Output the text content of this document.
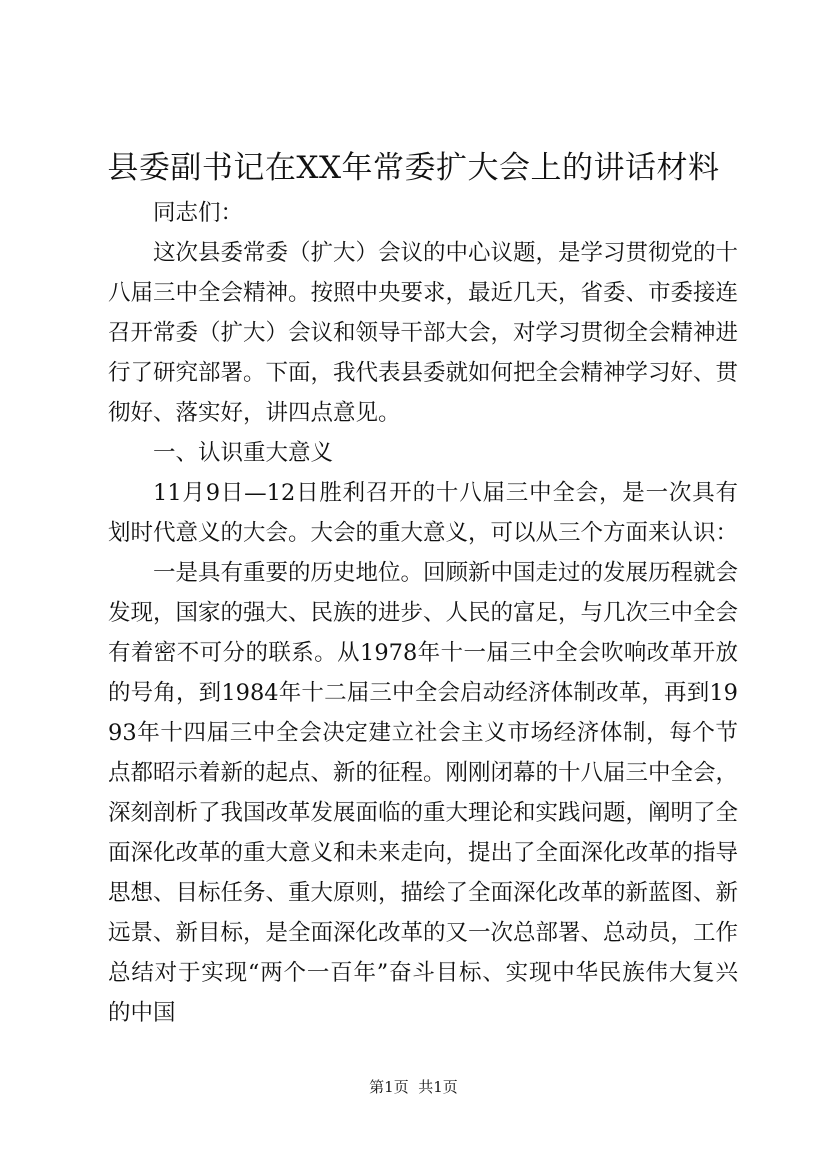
县委副书记在XX年常委扩大会上的讲话材料

同志们：

这次县委常委（扩大）会议的中心议题，是学习贯彻党的十八届三中全会精神。按照中央要求，最近几天，省委、市委接连召开常委（扩大）会议和领导干部大会，对学习贯彻全会精神进行了研究部署。下面，我代表县委就如何把全会精神学习好、贯彻好、落实好，讲四点意见。

一、认识重大意义

11月9日—12日胜利召开的十八届三中全会，是一次具有划时代意义的大会。大会的重大意义，可以从三个方面来认识：

一是具有重要的历史地位。回顾新中国走过的发展历程就会发现，国家的强大、民族的进步、人民的富足，与几次三中全会有着密不可分的联系。从1978年十一届三中全会吹响改革开放的号角，到1984年十二届三中全会启动经济体制改革，再到1993年十四届三中全会决定建立社会主义市场经济体制，每个节点都昭示着新的起点、新的征程。刚刚闭幕的十八届三中全会，深刻剖析了我国改革发展面临的重大理论和实践问题，阐明了全面深化改革的重大意义和未来走向，提出了全面深化改革的指导思想、目标任务、重大原则，描绘了全面深化改革的新蓝图、新远景、新目标，是全面深化改革的又一次总部署、总动员，工作总结对于实现“两个一百年”奋斗目标、实现中华民族伟大复兴的中国

第1页 共1页
